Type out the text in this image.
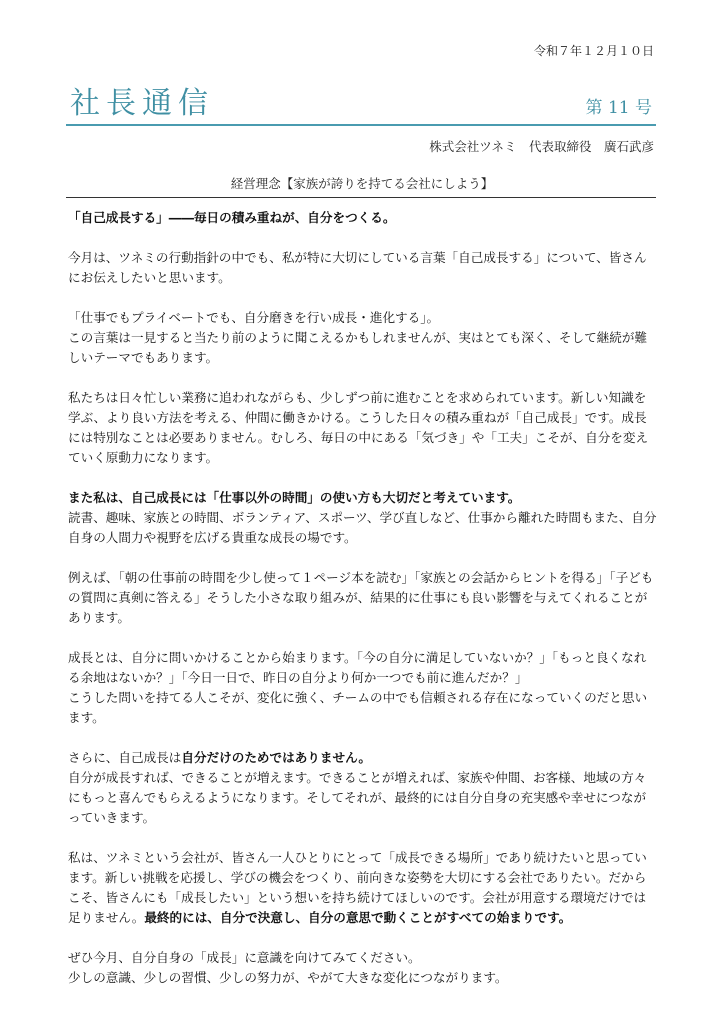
令和７年１２月１０日
社長通信	第 11 号
株式会社ツネミ　代表取締役　廣石武彦
経営理念【家族が誇りを持てる会社にしよう】

「自己成長する」――毎日の積み重ねが、自分をつくる。

今月は、ツネミの行動指針の中でも、私が特に大切にしている言葉「自己成長する」について、皆さんにお伝えしたいと思います。

「仕事でもプライベートでも、自分磨きを行い成長・進化する」。
この言葉は一見すると当たり前のように聞こえるかもしれませんが、実はとても深く、そして継続が難しいテーマでもあります。

私たちは日々忙しい業務に追われながらも、少しずつ前に進むことを求められています。新しい知識を学ぶ、より良い方法を考える、仲間に働きかける。こうした日々の積み重ねが「自己成長」です。成長には特別なことは必要ありません。むしろ、毎日の中にある「気づき」や「工夫」こそが、自分を変えていく原動力になります。

また私は、自己成長には「仕事以外の時間」の使い方も大切だと考えています。
読書、趣味、家族との時間、ボランティア、スポーツ、学び直しなど、仕事から離れた時間もまた、自分自身の人間力や視野を広げる貴重な成長の場です。

例えば、「朝の仕事前の時間を少し使って１ページ本を読む」「家族との会話からヒントを得る」「子どもの質問に真剣に答える」そうした小さな取り組みが、結果的に仕事にも良い影響を与えてくれることがあります。

成長とは、自分に問いかけることから始まります。「今の自分に満足していないか？」「もっと良くなれる余地はないか？」「今日一日で、昨日の自分より何か一つでも前に進んだか？」
こうした問いを持てる人こそが、変化に強く、チームの中でも信頼される存在になっていくのだと思います。

さらに、自己成長は自分だけのためではありません。
自分が成長すれば、できることが増えます。できることが増えれば、家族や仲間、お客様、地域の方々にもっと喜んでもらえるようになります。そしてそれが、最終的には自分自身の充実感や幸せにつながっていきます。

私は、ツネミという会社が、皆さん一人ひとりにとって「成長できる場所」であり続けたいと思っています。新しい挑戦を応援し、学びの機会をつくり、前向きな姿勢を大切にする会社でありたい。だからこそ、皆さんにも「成長したい」という想いを持ち続けてほしいのです。会社が用意する環境だけでは足りません。最終的には、自分で決意し、自分の意思で動くことがすべての始まりです。

ぜひ今月、自分自身の「成長」に意識を向けてみてください。
少しの意識、少しの習慣、少しの努力が、やがて大きな変化につながります。
